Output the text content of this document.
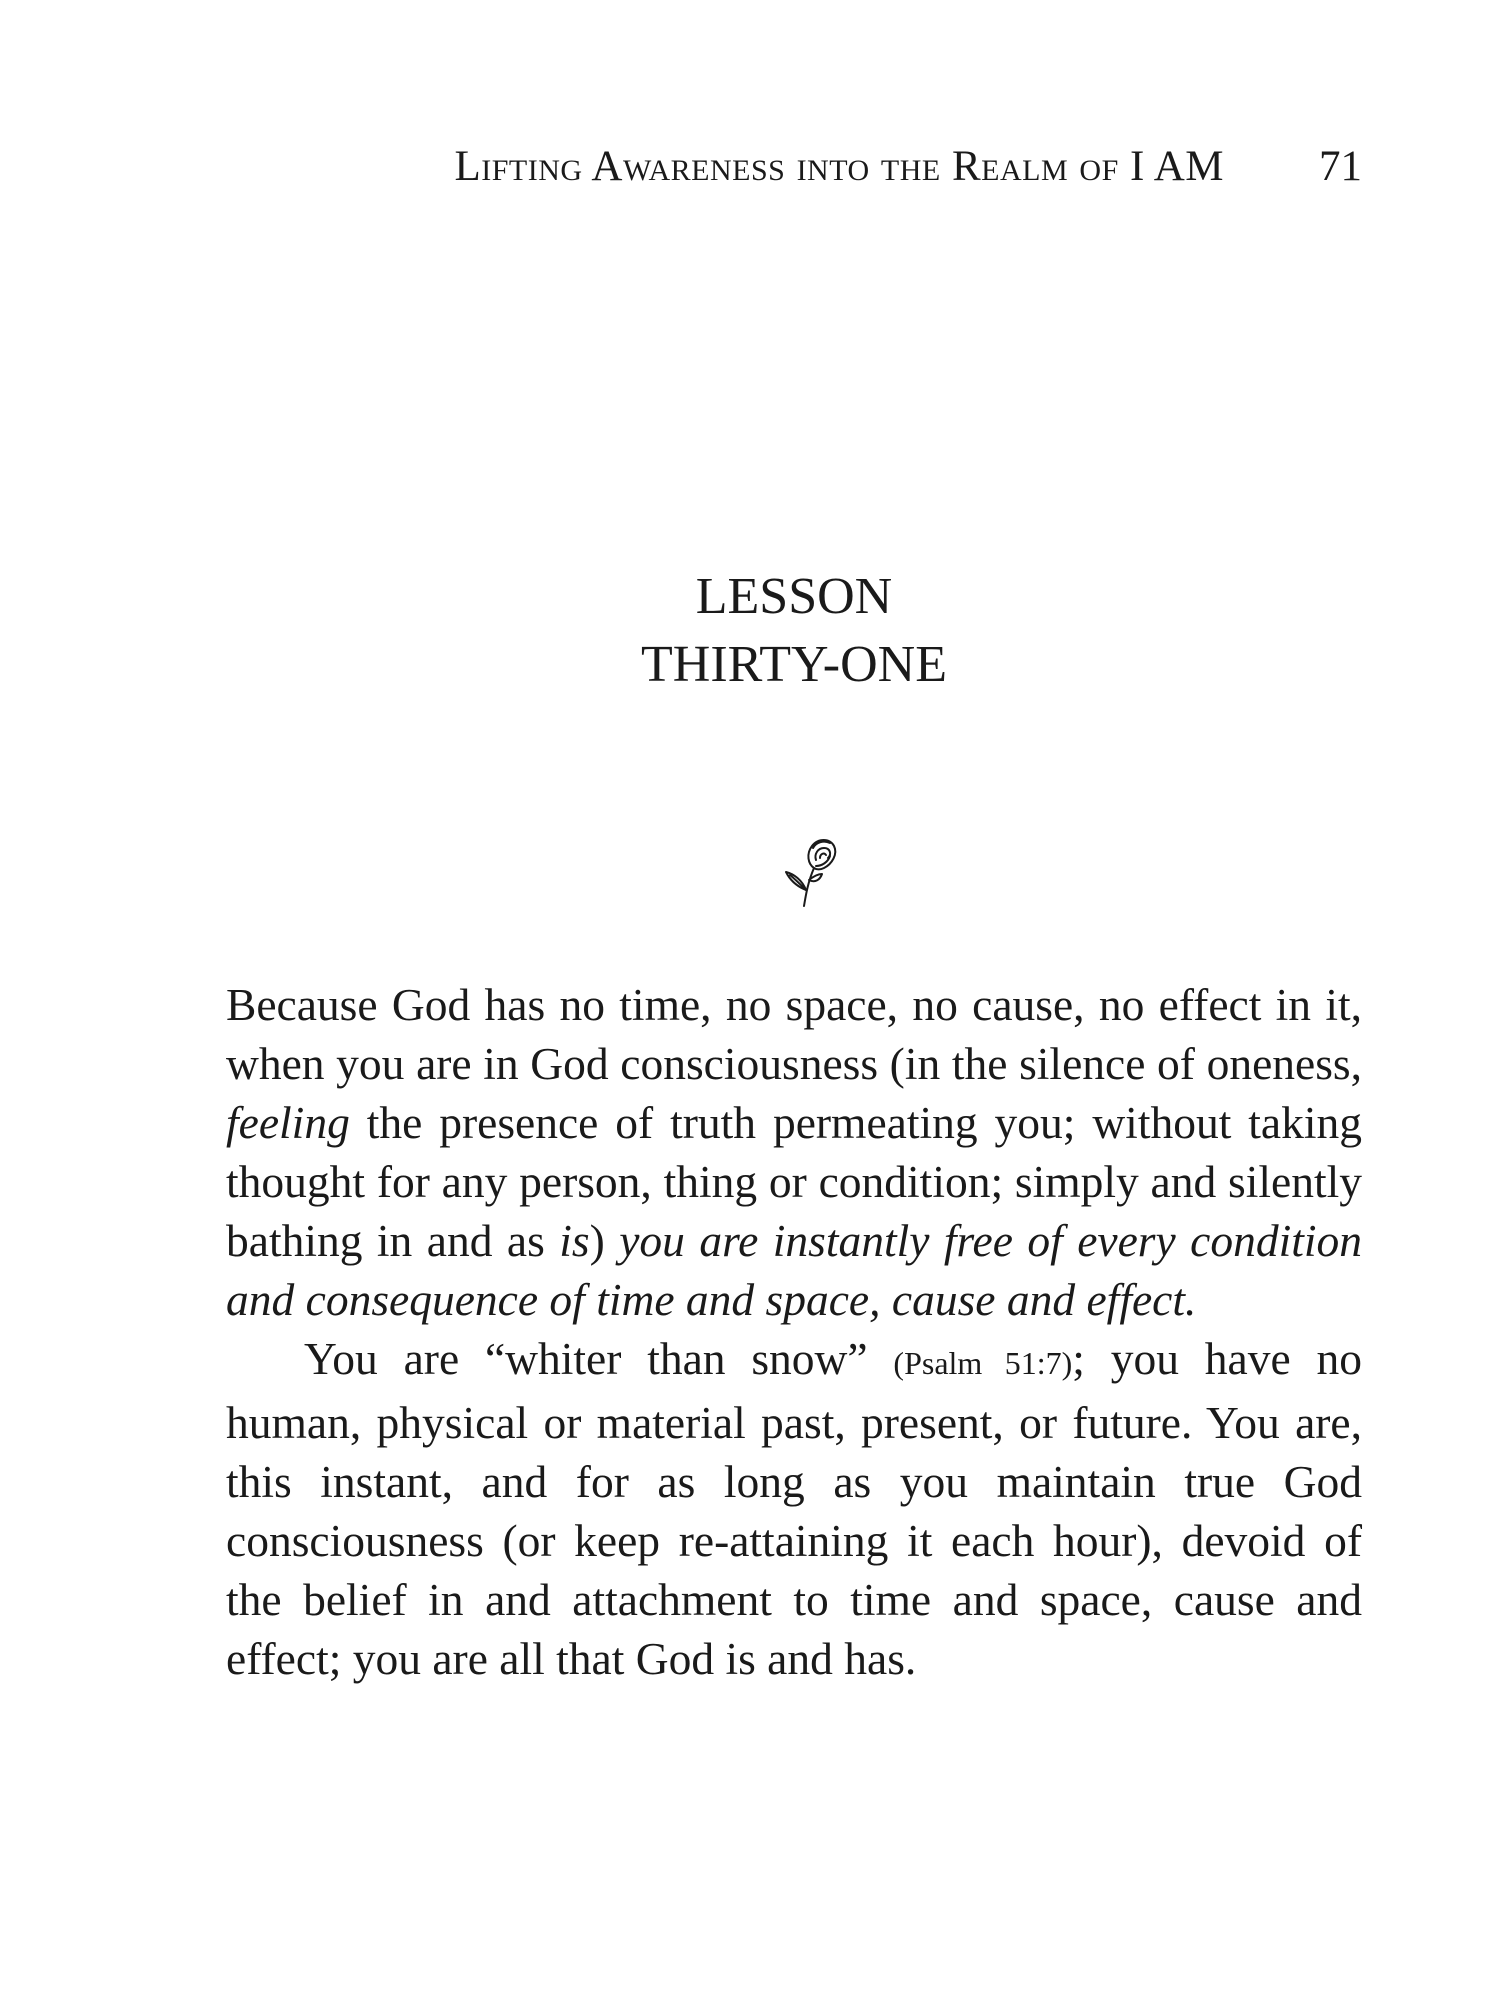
Lifting Awareness into the Realm of I AM 71
LESSON
THIRTY-ONE

Because God has no time, no space, no cause, no effect in it, when you are in God consciousness (in the silence of oneness, feeling the presence of truth permeating you; without taking thought for any person, thing or condition; simply and silently bathing in and as is) you are instantly free of every condition and consequence of time and space, cause and effect.

You are “whiter than snow” (Psalm 51:7); you have no human, physical or material past, present, or future. You are, this instant, and for as long as you maintain true God consciousness (or keep re-attaining it each hour), devoid of the belief in and attachment to time and space, cause and effect; you are all that God is and has.
